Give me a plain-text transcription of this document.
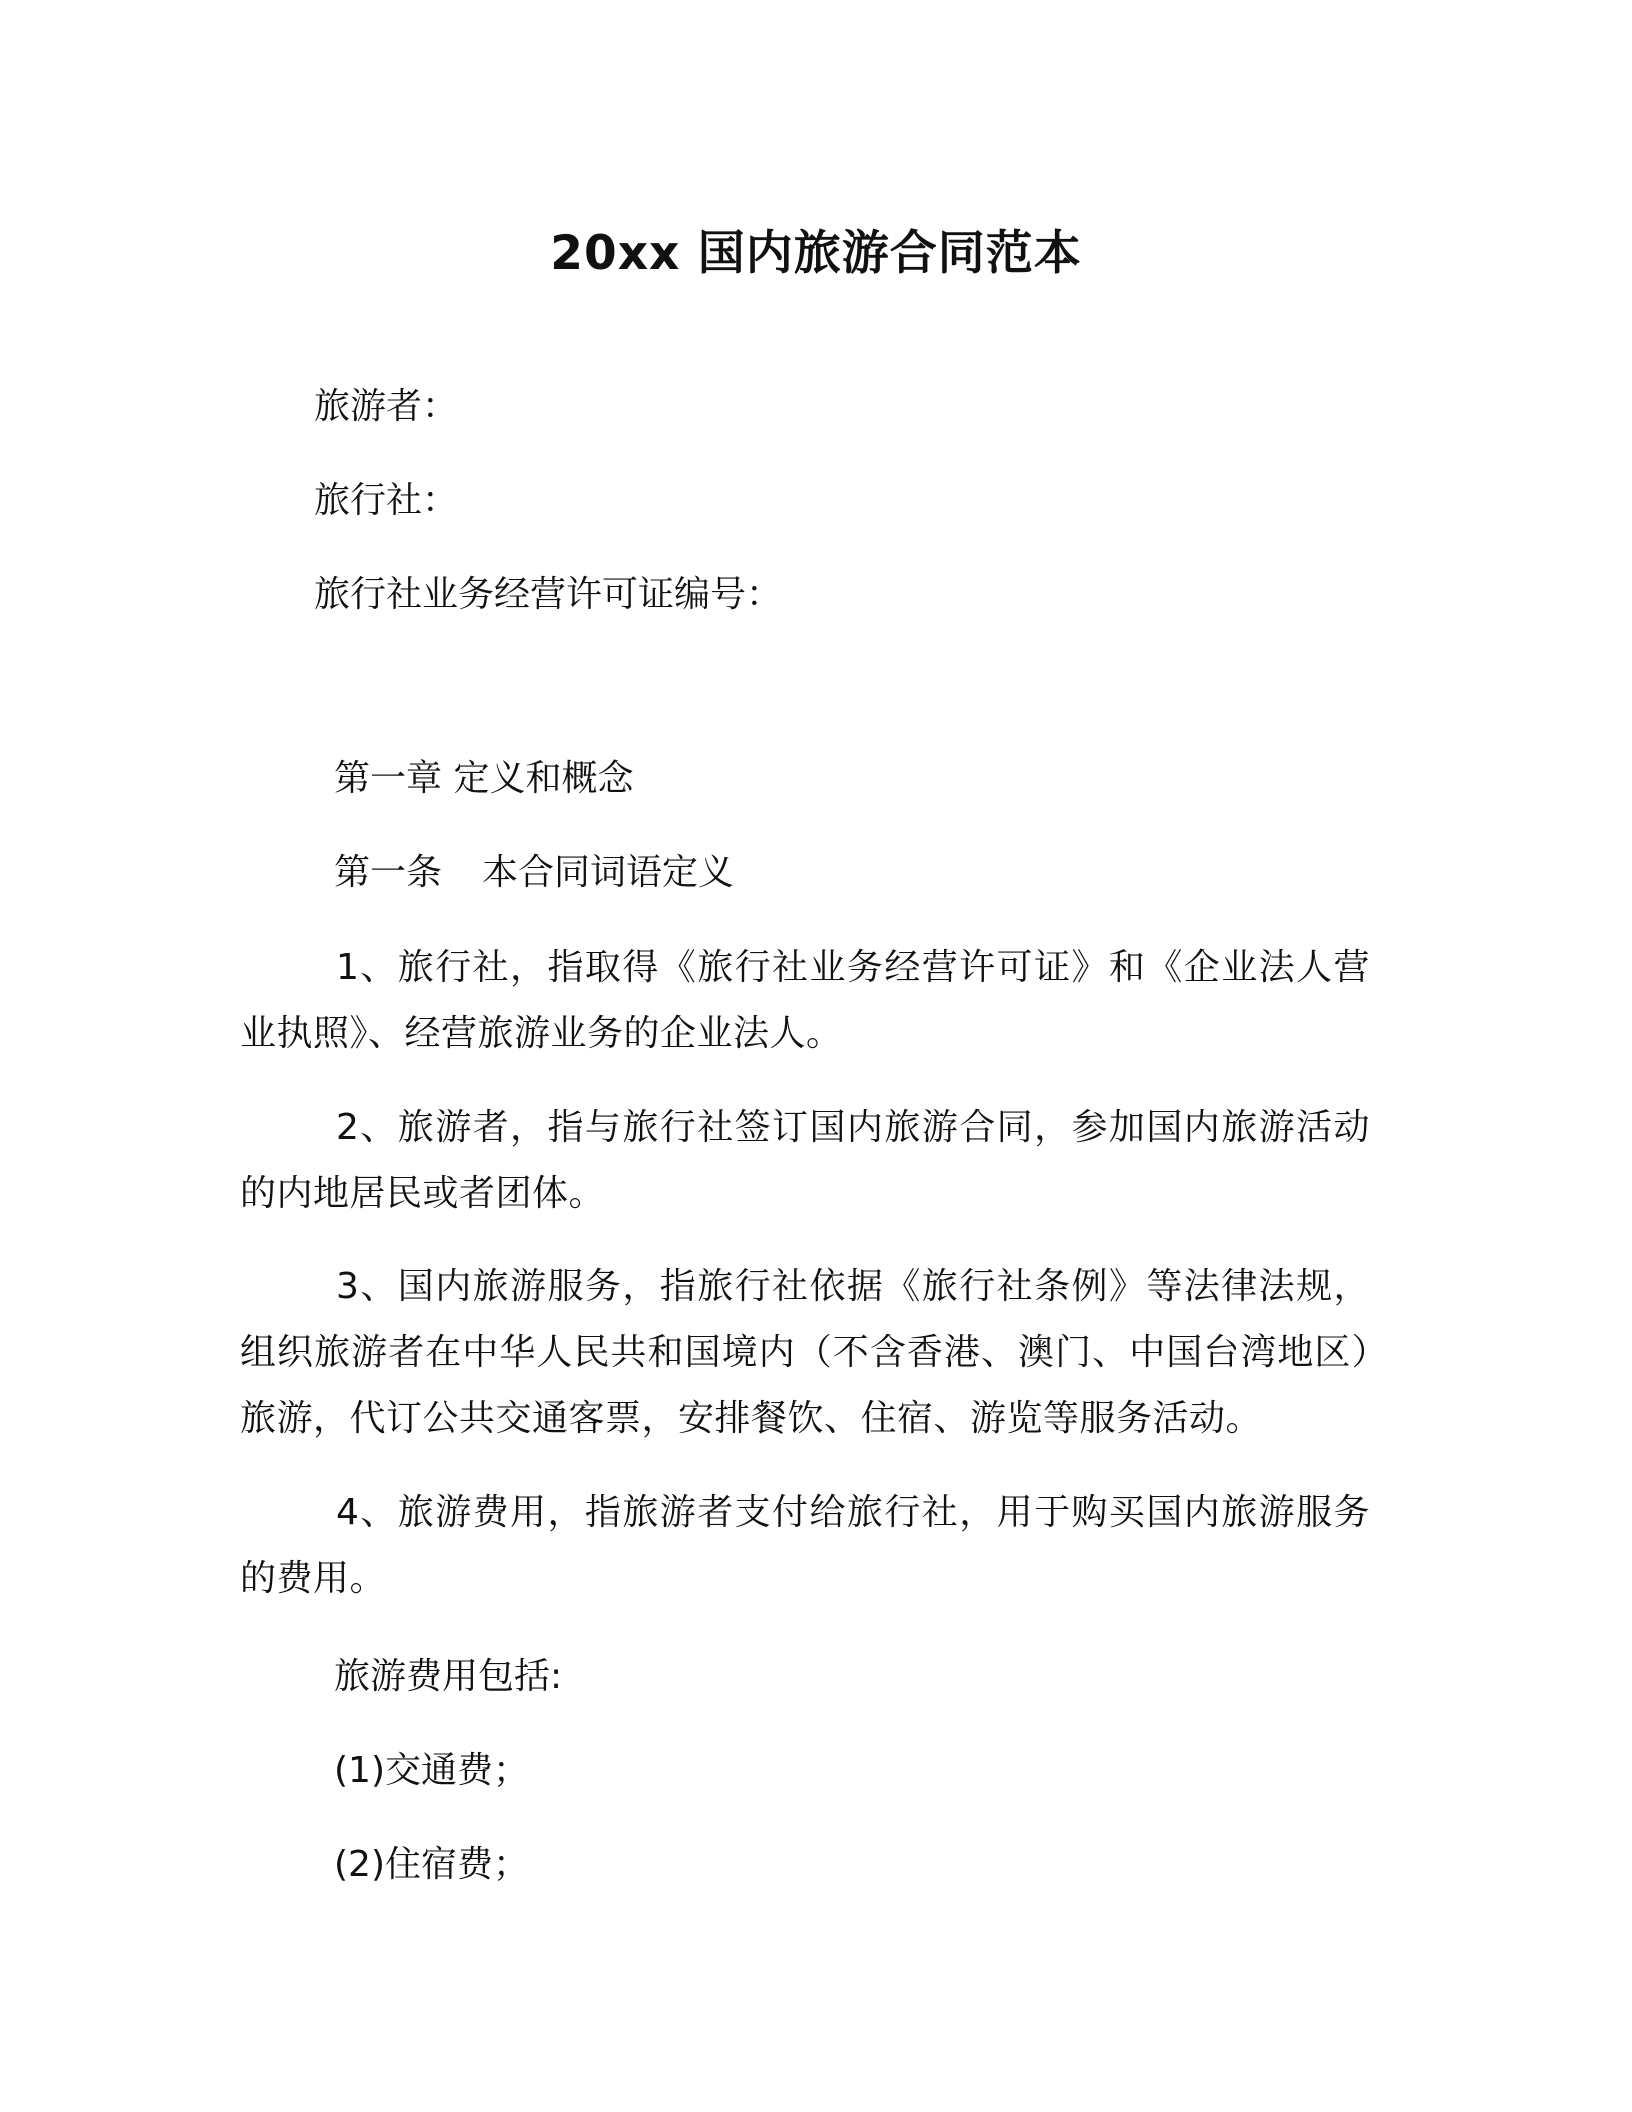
20xx 国内旅游合同范本
旅游者：
旅行社：
旅行社业务经营许可证编号：
第一章 定义和概念
第一条 本合同词语定义
1、旅行社，指取得《旅行社业务经营许可证》和《企业法人营业执照》、经营旅游业务的企业法人。
2、旅游者，指与旅行社签订国内旅游合同，参加国内旅游活动的内地居民或者团体。
3、国内旅游服务，指旅行社依据《旅行社条例》等法律法规，组织旅游者在中华人民共和国境内（不含香港、澳门、中国台湾地区）旅游，代订公共交通客票，安排餐饮、住宿、游览等服务活动。
4、旅游费用，指旅游者支付给旅行社，用于购买国内旅游服务的费用。
旅游费用包括:
(1)交通费；
(2)住宿费；
